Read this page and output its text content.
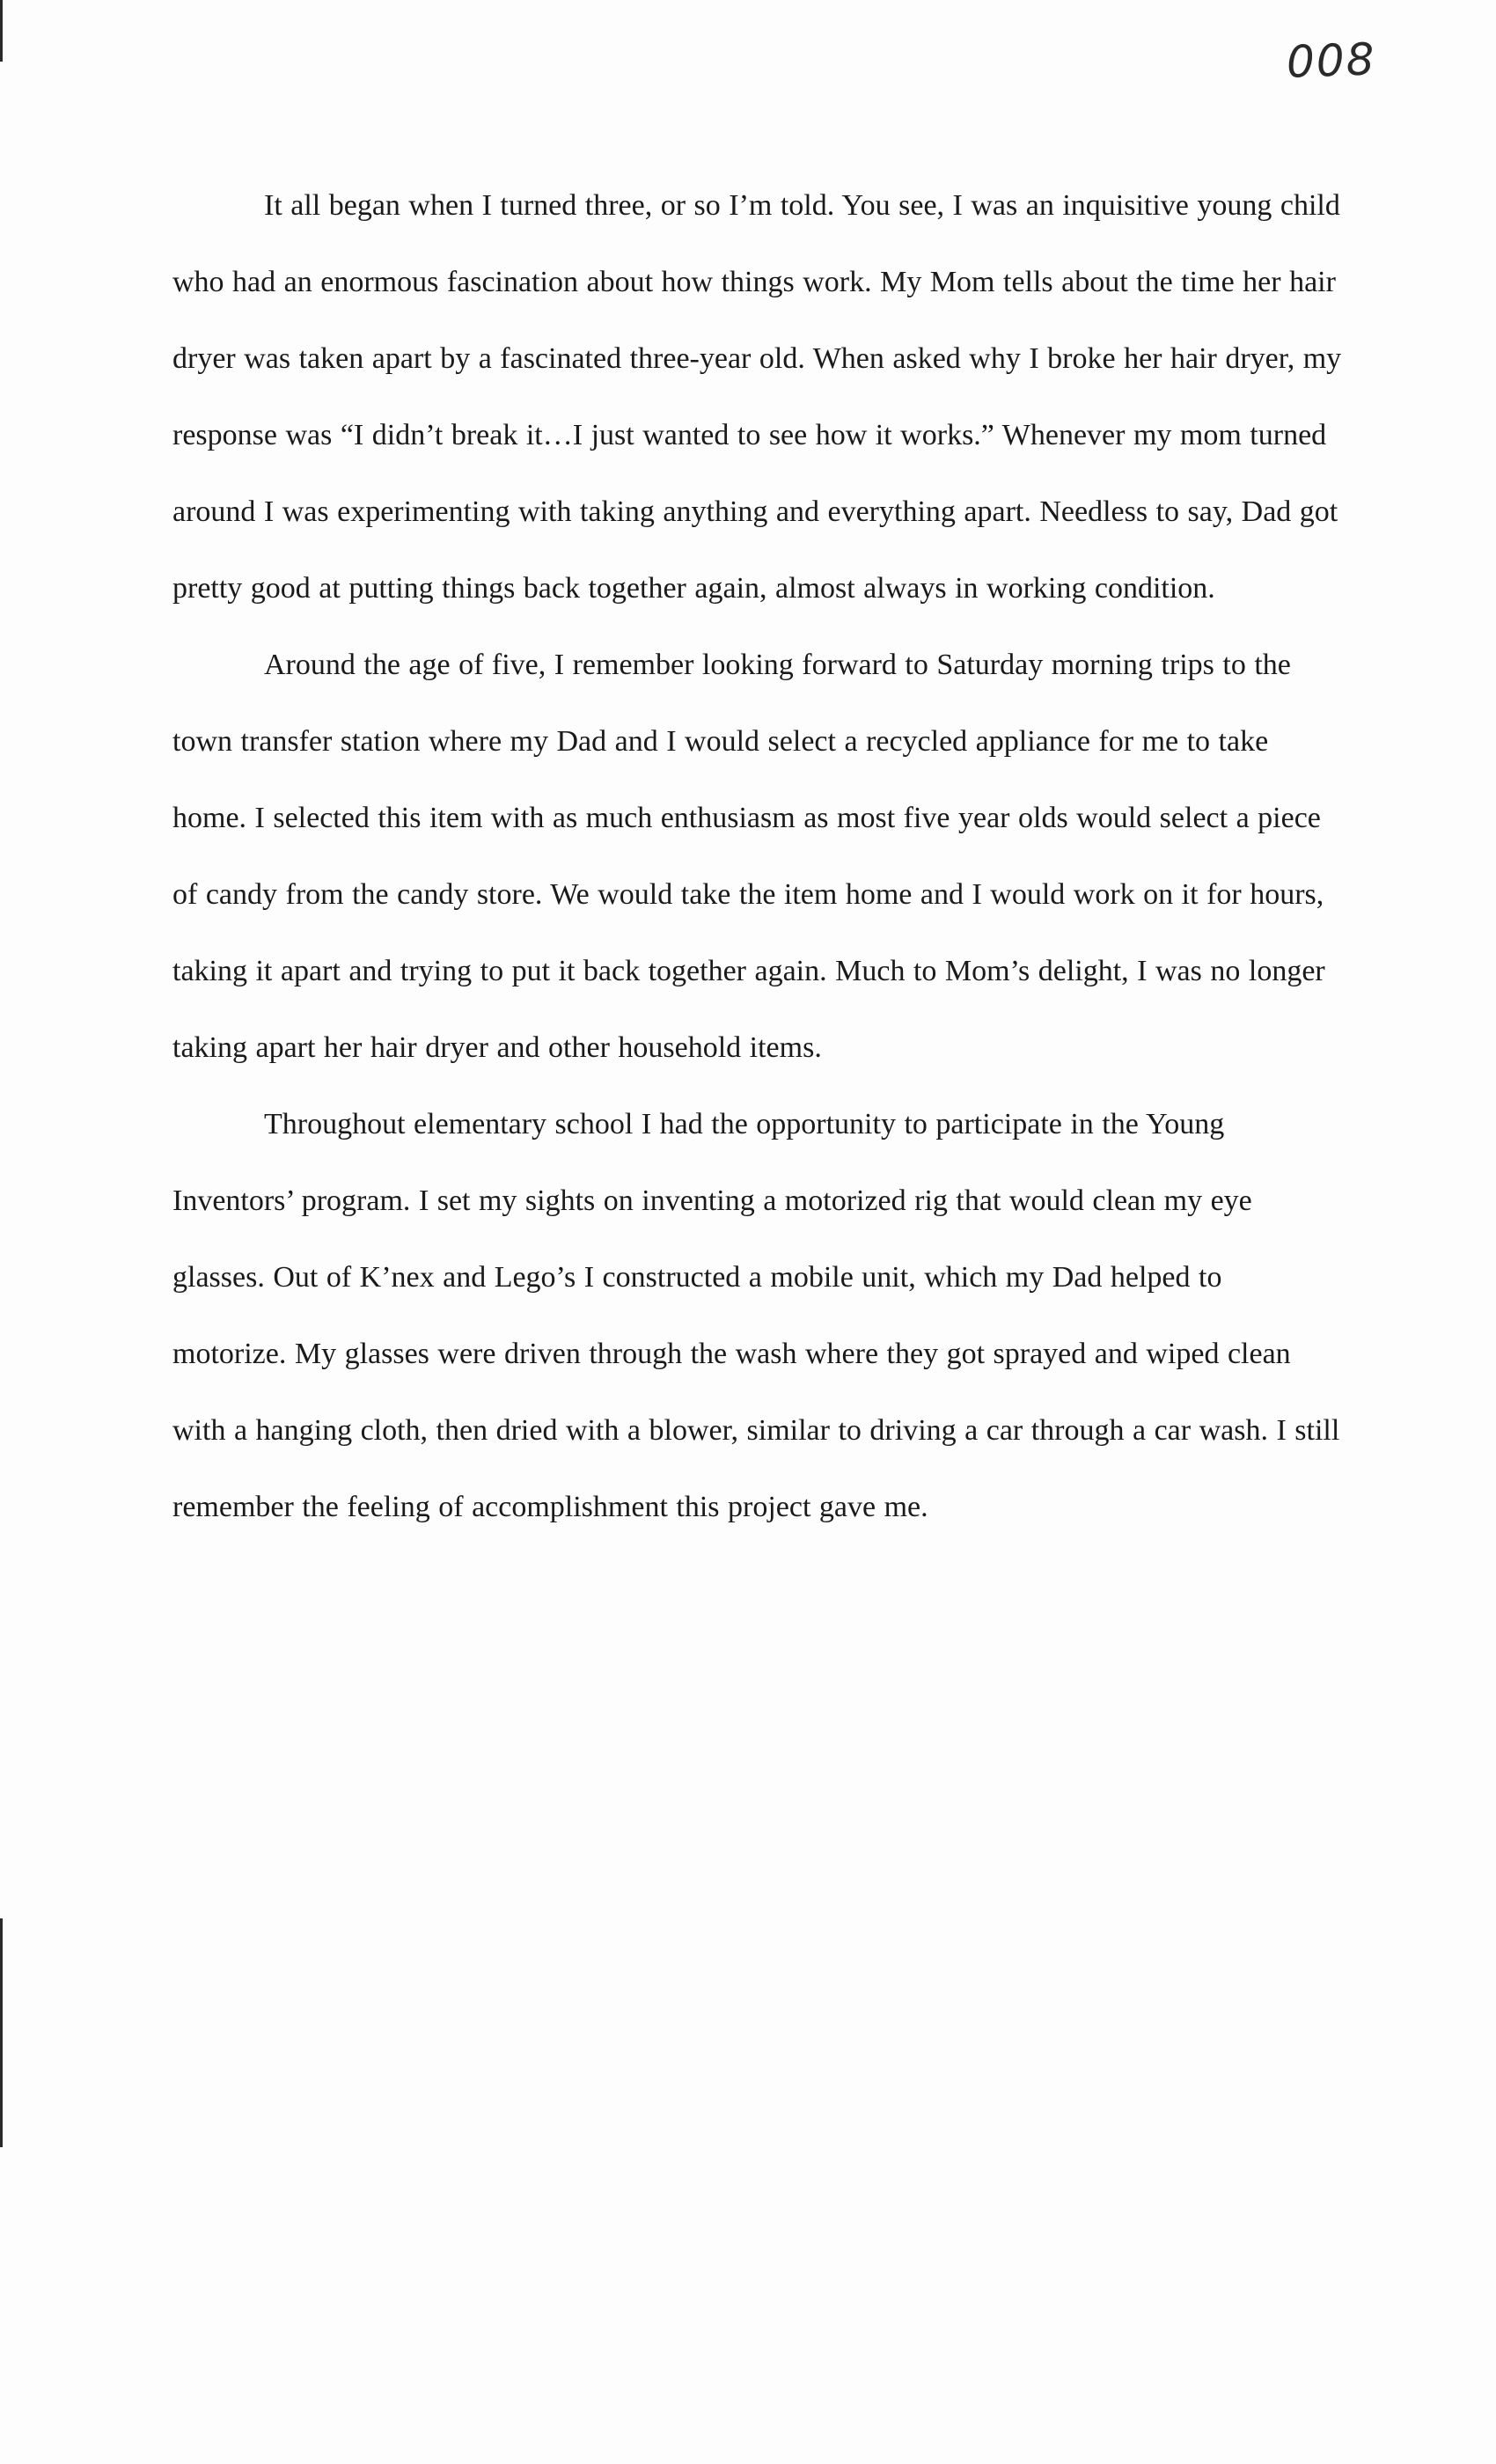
008

It all began when I turned three, or so I’m told. You see, I was an inquisitive young child who had an enormous fascination about how things work. My Mom tells about the time her hair dryer was taken apart by a fascinated three-year old. When asked why I broke her hair dryer, my response was “I didn’t break it…I just wanted to see how it works.” Whenever my mom turned around I was experimenting with taking anything and everything apart. Needless to say, Dad got pretty good at putting things back together again, almost always in working condition.

Around the age of five, I remember looking forward to Saturday morning trips to the town transfer station where my Dad and I would select a recycled appliance for me to take home. I selected this item with as much enthusiasm as most five year olds would select a piece of candy from the candy store. We would take the item home and I would work on it for hours, taking it apart and trying to put it back together again. Much to Mom’s delight, I was no longer taking apart her hair dryer and other household items.

Throughout elementary school I had the opportunity to participate in the Young Inventors’ program. I set my sights on inventing a motorized rig that would clean my eye glasses. Out of K’nex and Lego’s I constructed a mobile unit, which my Dad helped to motorize. My glasses were driven through the wash where they got sprayed and wiped clean with a hanging cloth, then dried with a blower, similar to driving a car through a car wash. I still remember the feeling of accomplishment this project gave me.
